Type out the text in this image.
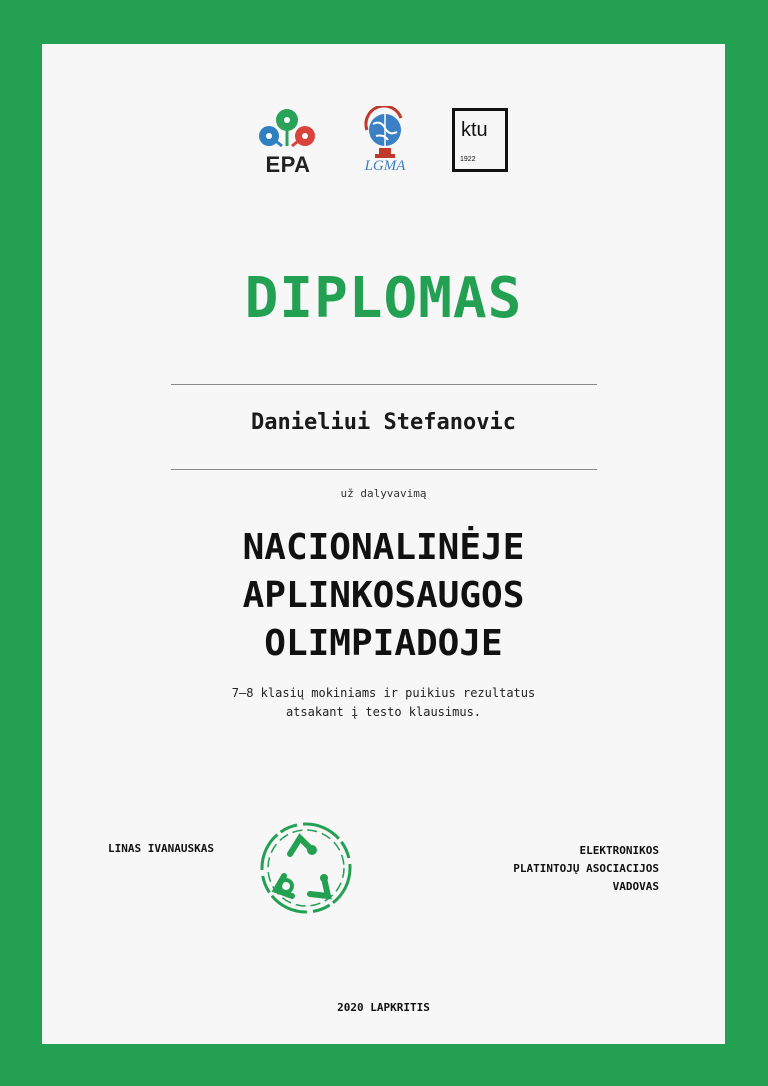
EPA	LGMA
ktu
1922
DIPLOMAS
Danieliui Stefanovic
už dalyvavimą
NACIONALINĖJE
APLINKOSAUGOS
OLIMPIADOJE
7–8 klasių mokiniams ir puikius rezultatus
atsakant į testo klausimus.
LINAS IVANAUSKAS	ELEKTRONIKOS
PLATINTOJŲ ASOCIACIJOS
VADOVAS
2020 LAPKRITIS
